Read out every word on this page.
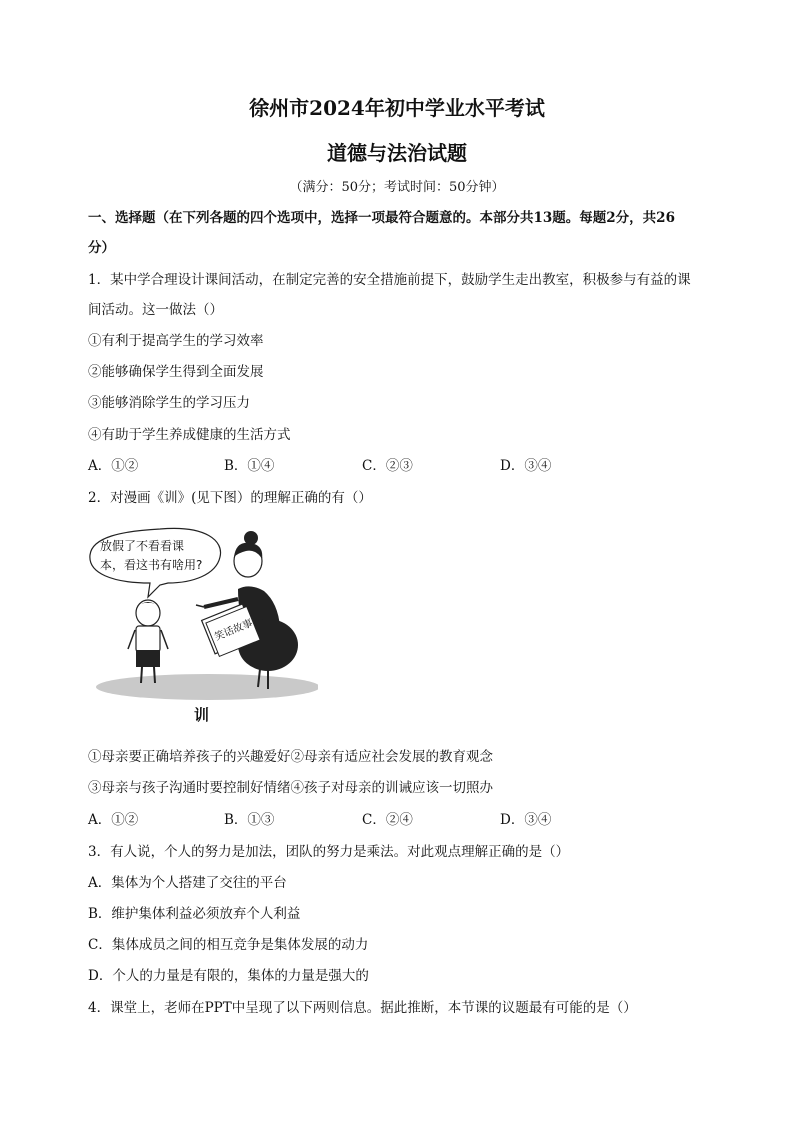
徐州市2024年初中学业水平考试
道德与法治试题
（满分：50分；考试时间：50分钟）
一、选择题（在下列各题的四个选项中，选择一项最符合题意的。本部分共13题。每题2分，共26
分）
1．某中学合理设计课间活动，在制定完善的安全措施前提下，鼓励学生走出教室，积极参与有益的课
间活动。这一做法（）
①有利于提高学生的学习效率
②能够确保学生得到全面发展
③能够消除学生的学习压力
④有助于学生养成健康的生活方式
A．①②	B．①④	C．②③	D．③④
2．对漫画《训》(见下图）的理解正确的有（）
放假了不看看课
本，看这书有啥用?
笑话故事
训
①母亲要正确培养孩子的兴趣爱好②母亲有适应社会发展的教育观念
③母亲与孩子沟通时要控制好情绪④孩子对母亲的训诫应该一切照办
A．①②	B．①③	C．②④	D．③④
3．有人说，个人的努力是加法，团队的努力是乘法。对此观点理解正确的是（）
A．集体为个人搭建了交往的平台
B．维护集体利益必须放弃个人利益
C．集体成员之间的相互竞争是集体发展的动力
D．个人的力量是有限的，集体的力量是强大的
4．课堂上，老师在PPT中呈现了以下两则信息。据此推断，本节课的议题最有可能的是（）
